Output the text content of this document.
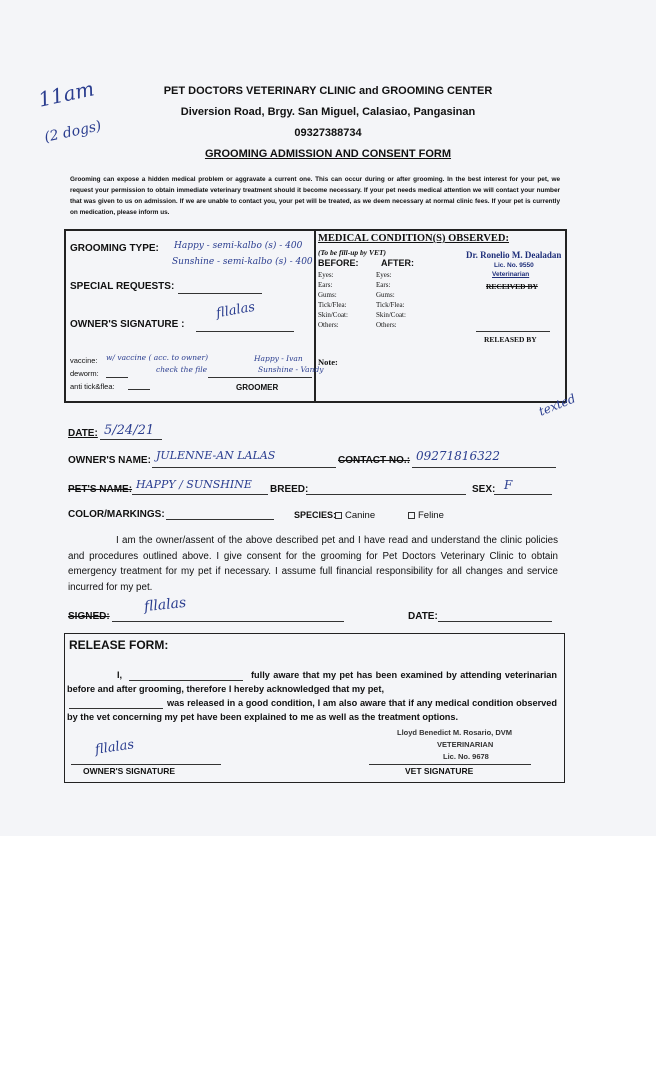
11am
(2 dogs)
PET DOCTORS VETERINARY CLINIC and GROOMING CENTER
Diversion Road, Brgy. San Miguel, Calasiao, Pangasinan
09327388734
GROOMING ADMISSION AND CONSENT FORM
Grooming can expose a hidden medical problem or aggravate a current one. This can occur during or after grooming. In the best interest for your pet, we request your permission to obtain immediate veterinary treatment should it become necessary. If your pet needs medical attention we will contact your number that was given to us on admission. If we are unable to contact you, your pet will be treated, as we deem necessary at normal clinic fees. If your pet is currently on medication, please inform us.
GROOMING TYPE: Happy - semi-kalbo (s) - 400
Sunshine - semi-kalbo (s) - 400
SPECIAL REQUESTS:
OWNER'S SIGNATURE :
fllalas
vaccine: w/ vaccine ( acc. to owner)
deworm:	check the file
anti tick&flea:
Happy - Ivan
Sunshine - Vandy
GROOMER
MEDICAL CONDITION(S) OBSERVED:
(To be fill-up by VET)
BEFORE:	AFTER:
Eyes:	Eyes:
Ears:	Ears:
Gums:	Gums:
Tick/Flea:	Tick/Flea:
Skin/Coat:	Skin/Coat:
Others:	Others:
Dr. Ronelio M. Dealadan
Lic. No. 9550
Veterinarian
RECEIVED BY
RELEASED BY
Note:
texted
DATE: 5/24/21
OWNER'S NAME: JULENNE-AN LALAS	CONTACT NO.: 09271816322
PET'S NAME: HAPPY / SUNSHINE BREED:	SEX: F
COLOR/MARKINGS:	SPECIES: Canine	Feline
I am the owner/assent of the above described pet and I have read and understand the clinic policies and procedures outlined above. I give consent for the grooming for Pet Doctors Veterinary Clinic to obtain emergency treatment for my pet if necessary. I assume full financial responsibility for all changes and service incurred for my pet.
SIGNED:
fllalas
DATE:
RELEASE FORM:
I,	fully aware that my pet has been examined by attending veterinarian before and after grooming, therefore I hereby acknowledged that my pet,
was released in a good condition, I am also aware that if any medical condition observed by the vet concerning my pet have been explained to me as well as the treatment options.
Lloyd Benedict M. Rosario, DVM
VETERINARIAN
Lic. No. 9678
fllalas
OWNER'S SIGNATURE	VET SIGNATURE
